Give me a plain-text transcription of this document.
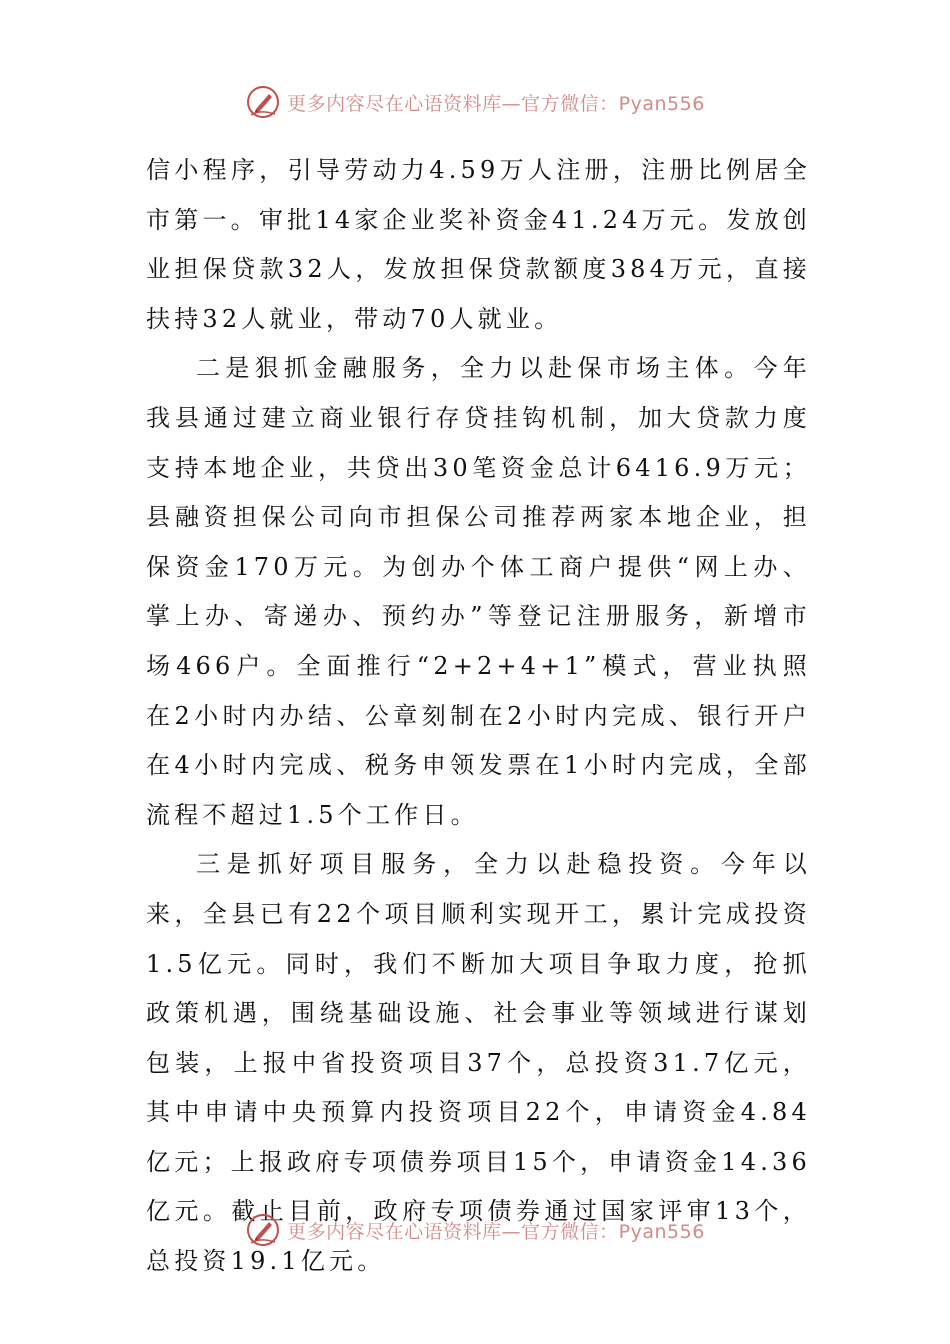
更多内容尽在心语资料库—官方微信：Pyan556

信小程序，引导劳动力4.59万人注册，注册比例居全市第一。审批14家企业奖补资金41.24万元。发放创业担保贷款32人，发放担保贷款额度384万元，直接扶持32人就业，带动70人就业。

二是狠抓金融服务，全力以赴保市场主体。今年我县通过建立商业银行存贷挂钩机制，加大贷款力度支持本地企业，共贷出30笔资金总计6416.9万元；县融资担保公司向市担保公司推荐两家本地企业，担保资金170万元。为创办个体工商户提供“网上办、掌上办、寄递办、预约办”等登记注册服务，新增市场466户。全面推行“2+2+4+1”模式，营业执照在2小时内办结、公章刻制在2小时内完成、银行开户在4小时内完成、税务申领发票在1小时内完成，全部流程不超过1.5个工作日。

三是抓好项目服务，全力以赴稳投资。今年以来，全县已有22个项目顺利实现开工，累计完成投资1.5亿元。同时，我们不断加大项目争取力度，抢抓政策机遇，围绕基础设施、社会事业等领域进行谋划包装，上报中省投资项目37个，总投资31.7亿元，其中申请中央预算内投资项目22个，申请资金4.84亿元；上报政府专项债券项目15个，申请资金14.36亿元。截止目前，政府专项债券通过国家评审13个，总投资19.1亿元。

更多内容尽在心语资料库—官方微信：Pyan556
